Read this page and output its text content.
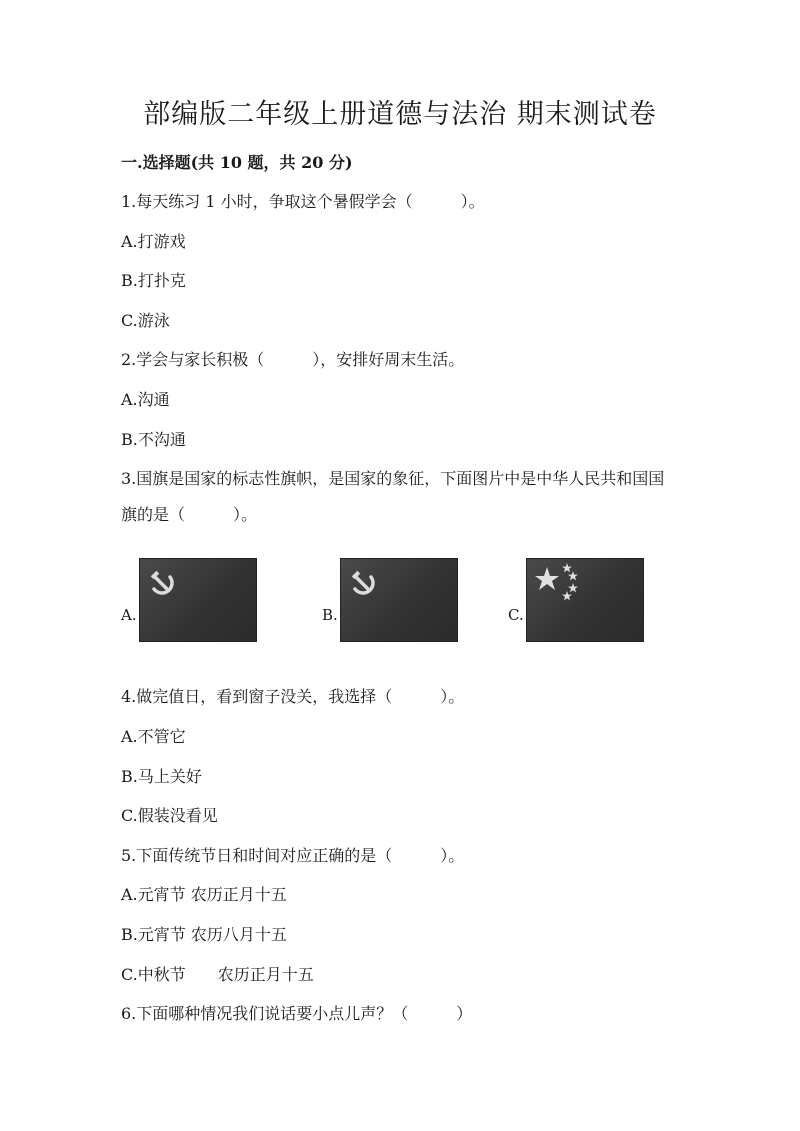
部编版二年级上册道德与法治 期末测试卷
一.选择题(共 10 题，共 20 分)
1.每天练习 1 小时，争取这个暑假学会（　　　）。
A.打游戏
B.打扑克
C.游泳
2.学会与家长积极（　　　），安排好周末生活。
A.沟通
B.不沟通
3.国旗是国家的标志性旗帜，是国家的象征，下面图片中是中华人民共和国国
旗的是（　　　）。
A.	B.	C.
4.做完值日，看到窗子没关，我选择（　　　）。
A.不管它
B.马上关好
C.假装没看见
5.下面传统节日和时间对应正确的是（　　　）。
A.元宵节 农历正月十五
B.元宵节 农历八月十五
C.中秋节　　农历正月十五
6.下面哪种情况我们说话要小点儿声？（　　　）
